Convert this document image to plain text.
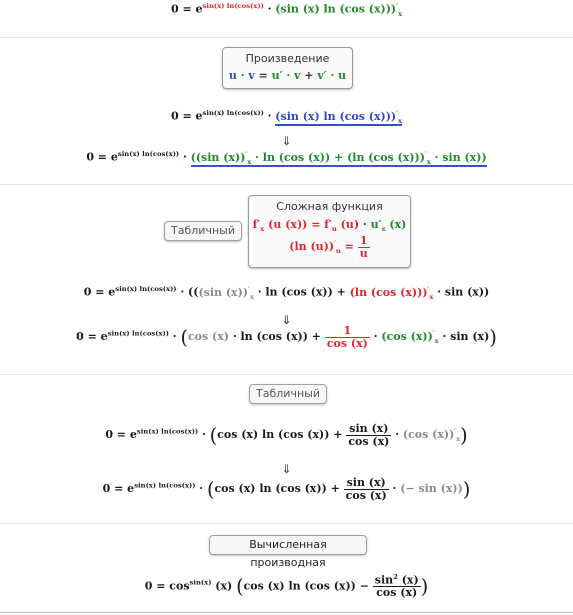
$0 = e^{sin(x) ln(cos(x))} \cdot (\sin$ (x) ln (cos $(x)))'_x$
Произведение
u · v = u′ · v + v′ · u
$0 = e^{sin(x) ln(cos(x))} \cdot (\sin$ (x) ln (cos $(x)))'_x$
⇓
$0 = e^{sin(x) ln(cos(x))} \cdot ((\sin$ $(x))'_x \cdot \ln (\cos$ (x)) + (ln (cos $(x)))'_x \cdot \sin (x)$)
Табличный
Сложная функция
$f'_x$ (u $(x)) = f'_u$ $(u) \cdot u'_x$ (x)
(ln $(u))'_u = \frac{1}{u}$
$0 = e^{sin(x) ln(cos(x))} \cdot (((\sin$ $(x))'_x \cdot \ln (\cos$ (x)) + (ln (cos $(x)))'_x \cdot \sin (x)$)
⇓
$0 = e^{sin(x) ln(cos(x))} \cdot (\cos$ (x) · ln (cos $(x)) + \frac{1}{\cos (x)} \cdot (\cos$ $(x))'_x \cdot \sin (x)$)
Табличный
$0 = e^{sin(x) ln(cos(x))} \cdot (\cos$ (x) ln (cos $(x)) + \frac{\sin (x)}{\cos (x)} \cdot (\cos$ $(x))'_x$)
⇓
$0 = e^{sin(x) ln(cos(x))} \cdot (\cos$ (x) ln (cos $(x)) + \frac{\sin (x)}{\cos (x)}$ · (− sin (x)))
Вычисленная производная
$0 = \cos^{sin(x)} (x)$ (cos (x) ln (cos $(x)) - \frac{\sin^2 (x)}{\cos (x)}$ )
